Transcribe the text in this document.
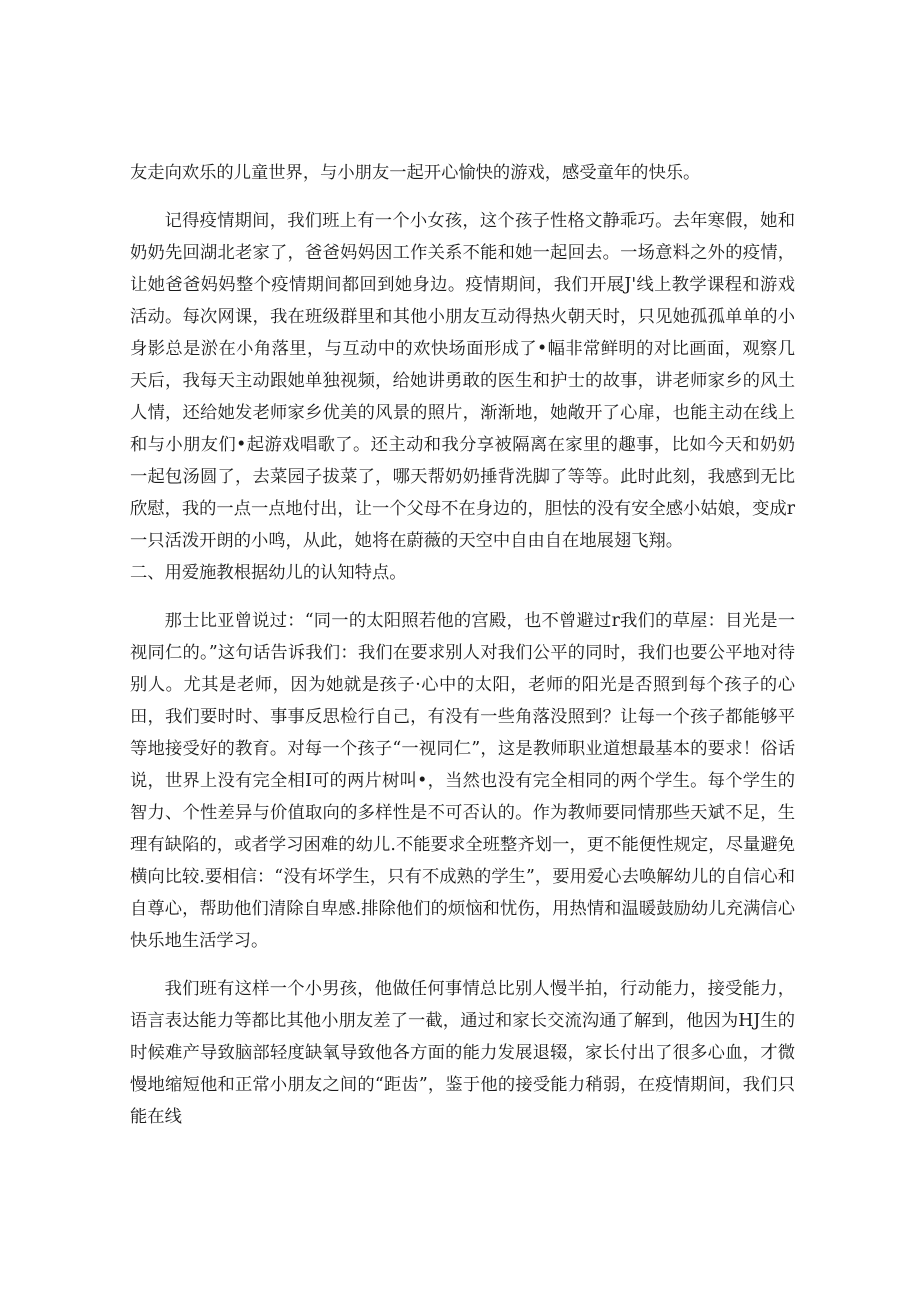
友走向欢乐的儿童世界，与小朋友一起开心愉快的游戏，感受童年的快乐。

记得疫情期间，我们班上有一个小女孩，这个孩子性格文静乖巧。去年寒假，她和奶奶先回湖北老家了，爸爸妈妈因工作关系不能和她一起回去。一场意料之外的疫情，让她爸爸妈妈整个疫情期间都回到她身边。疫情期间，我们开展J'线上教学课程和游戏活动。每次网课，我在班级群里和其他小朋友互动得热火朝天时，只见她孤孤单单的小身影总是淤在小角落里，与互动中的欢快场面形成了•幅非常鲜明的对比画面，观察几天后，我每天主动跟她单独视频，给她讲勇敢的医生和护士的故事，讲老师家乡的风土人情，还给她发老师家乡优美的风景的照片，渐渐地，她敞开了心扉，也能主动在线上和与小朋友们•起游戏唱歌了。还主动和我分享被隔离在家里的趣事，比如今天和奶奶一起包汤圆了，去菜园子拔菜了，哪天帮奶奶捶背洗脚了等等。此时此刻，我感到无比欣慰，我的一点一点地付出，让一个父母不在身边的，胆怯的没有安全感小姑娘，变成r一只活泼开朗的小鸣，从此，她将在蔚薇的天空中自由自在地展翅飞翔。

二、用爱施教根据幼儿的认知特点。

那士比亚曾说过：“同一的太阳照若他的宫殿，也不曾避过r我们的草屋：目光是一视同仁的。”这句话告诉我们：我们在要求别人对我们公平的同时，我们也要公平地对待别人。尤其是老师，因为她就是孩子·心中的太阳，老师的阳光是否照到每个孩子的心田，我们要时时、事事反思检行自己，有没有一些角落没照到？让每一个孩子都能够平等地接受好的教育。对每一个孩子“一视同仁”，这是教师职业道想最基本的要求！俗话说，世界上没有完全相I可的两片树叫•，当然也没有完全相同的两个学生。每个学生的智力、个性差异与价值取向的多样性是不可否认的。作为教师要同情那些天斌不足，生理有缺陷的，或者学习困难的幼儿.不能要求全班整齐划一，更不能便性规定，尽量避免横向比较.要相信：“没有坏学生，只有不成熟的学生”，要用爱心去唤解幼儿的自信心和自尊心，帮助他们清除自卑感.排除他们的烦恼和忧伤，用热情和温暖鼓励幼儿充满信心快乐地生活学习。

我们班有这样一个小男孩，他做任何事情总比别人慢半拍，行动能力，接受能力，语言表达能力等都比其他小朋友差了一截，通过和家长交流沟通了解到，他因为HJ生的时候难产导致脑部轻度缺氧导致他各方面的能力发展退辍，家长付出了很多心血，才微慢地缩短他和正常小朋友之间的“距齿”，鉴于他的接受能力稍弱，在疫情期间，我们只能在线
